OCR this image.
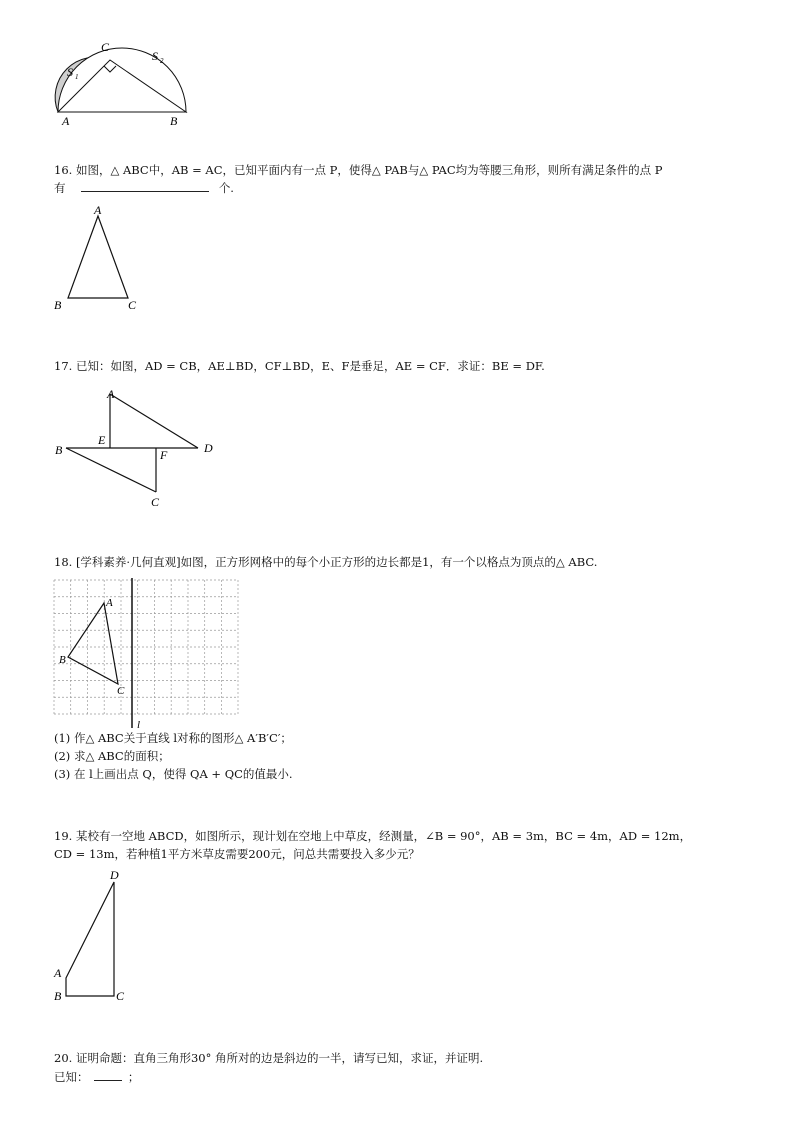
C
S 1
S 2
A	B
16. 如图，△ ABC中，AB = AC，已知平面内有一点 P，使得△ PAB与△ PAC均为等腰三角形，则所有满足条件的点 P
有	个.
A
B	C
17. 已知：如图，AD = CB，AE⊥BD，CF⊥BD，E、F是垂足，AE = CF．求证：BE = DF.
A
E
B	D
F
C
18. [学科素养·几何直观]如图，正方形网格中的每个小正方形的边长都是1，有一个以格点为顶点的△ ABC.
A
B
C
l
(1) 作△ ABC关于直线 l对称的图形△ A′B′C′；
(2) 求△ ABC的面积；
(3) 在 l上画出点 Q，使得 QA + QC的值最小.
19. 某校有一空地 ABCD，如图所示，现计划在空地上中草皮，经测量，∠B = 90°，AB = 3m，BC = 4m，AD = 12m，
CD = 13m，若种植1平方米草皮需要200元，问总共需要投入多少元？
D
A
B	C
20. 证明命题：直角三角形30° 角所对的边是斜边的一半，请写已知，求证，并证明.
已知：	；
